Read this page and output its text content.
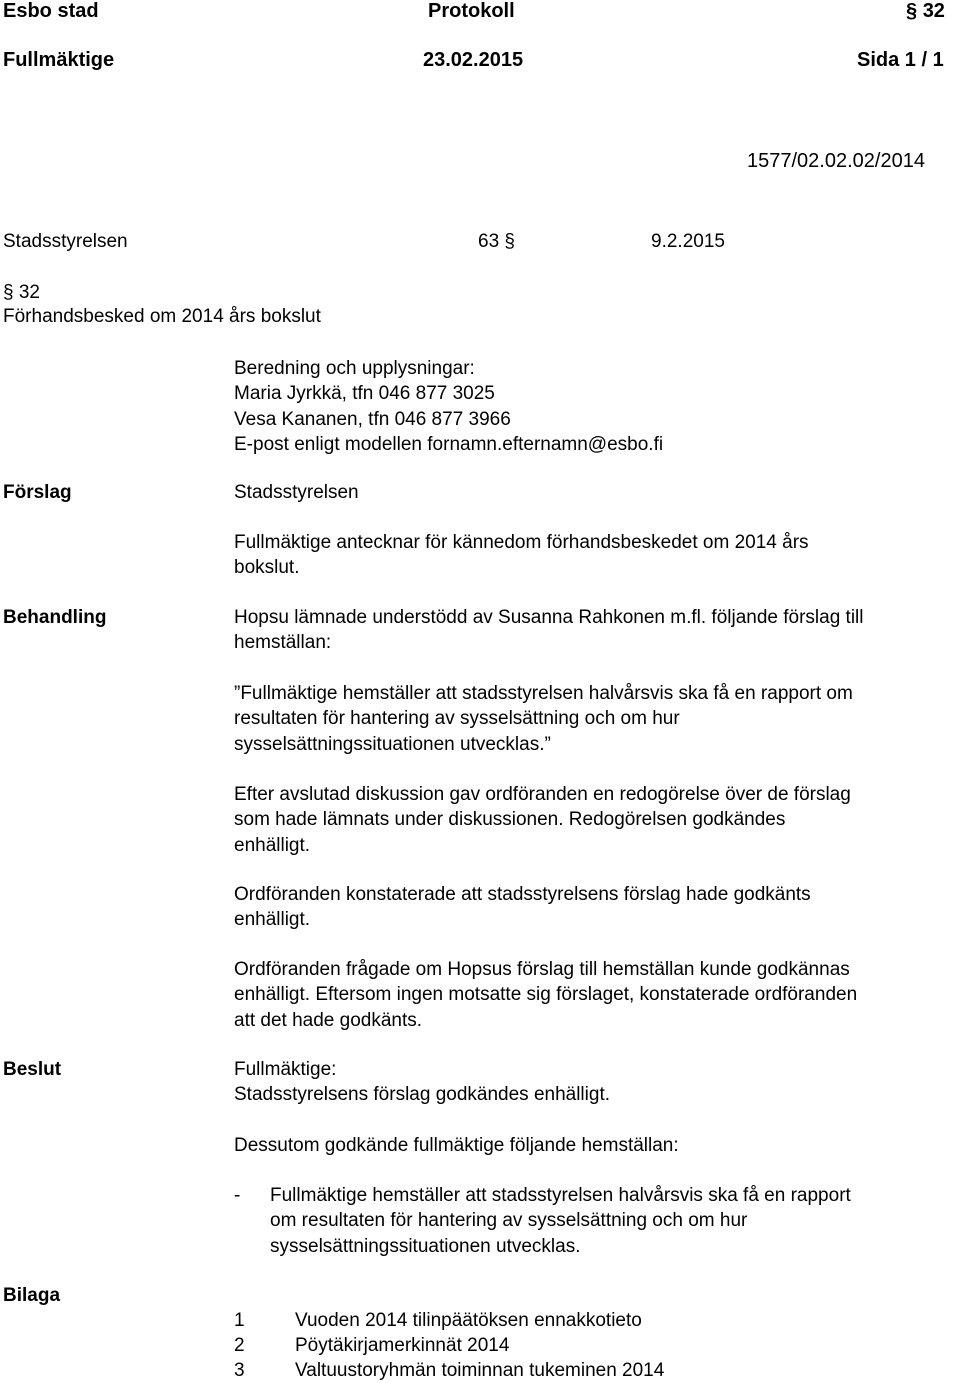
Esbo stad	Protokoll	§ 32
Fullmäktige	23.02.2015	Sida 1 / 1
1577/02.02.02/2014
Stadsstyrelsen	63 §	9.2.2015
§ 32
Förhandsbesked om 2014 års bokslut
Beredning och upplysningar:
Maria Jyrkkä, tfn 046 877 3025
Vesa Kananen, tfn 046 877 3966
E-post enligt modellen fornamn.efternamn@esbo.fi
Förslag	Stadsstyrelsen
Fullmäktige antecknar för kännedom förhandsbeskedet om 2014 års
bokslut.
Behandling	Hopsu lämnade understödd av Susanna Rahkonen m.fl. följande förslag till
hemställan:
”Fullmäktige hemställer att stadsstyrelsen halvårsvis ska få en rapport om
resultaten för hantering av sysselsättning och om hur
sysselsättningssituationen utvecklas.”
Efter avslutad diskussion gav ordföranden en redogörelse över de förslag
som hade lämnats under diskussionen. Redogörelsen godkändes
enhälligt.
Ordföranden konstaterade att stadsstyrelsens förslag hade godkänts
enhälligt.
Ordföranden frågade om Hopsus förslag till hemställan kunde godkännas
enhälligt. Eftersom ingen motsatte sig förslaget, konstaterade ordföranden
att det hade godkänts.
Beslut	Fullmäktige:
Stadsstyrelsens förslag godkändes enhälligt.
Dessutom godkände fullmäktige följande hemställan:
- Fullmäktige hemställer att stadsstyrelsen halvårsvis ska få en rapport
om resultaten för hantering av sysselsättning och om hur
sysselsättningssituationen utvecklas.
Bilaga
1	Vuoden 2014 tilinpäätöksen ennakkotieto
2	Pöytäkirjamerkinnät 2014
3	Valtuustoryhmän toiminnan tukeminen 2014
